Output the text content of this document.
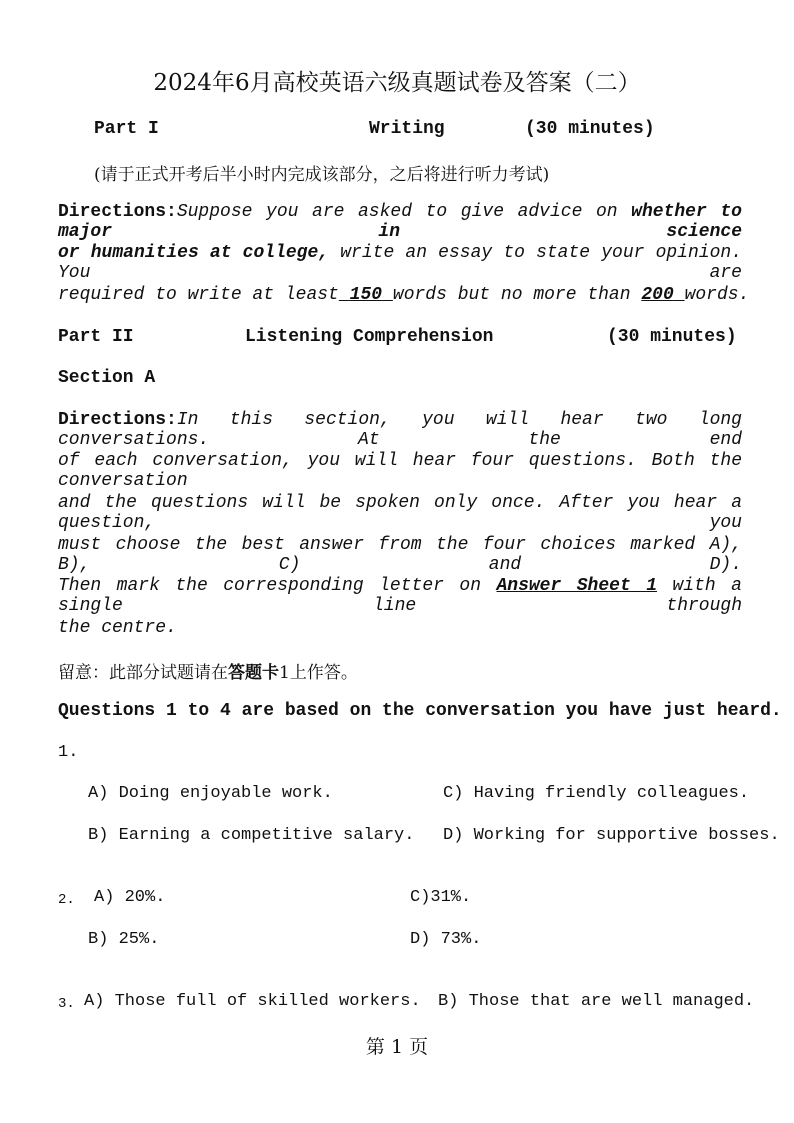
2024年6月高校英语六级真题试卷及答案（二）
Part I	Writing	(30 minutes)
(请于正式开考后半小时内完成该部分，之后将进行听力考试)
Directions:Suppose you are asked to give advice on whether to major in science
or humanities at college, write an essay to state your opinion. You are
required to write at least 150 words but no more than 200 words.
Part II	Listening Comprehension	(30 minutes)
Section A
Directions:In this section, you will hear two long conversations. At the end
of each conversation, you will hear four questions. Both the conversation
and the questions will be spoken only once. After you hear a question, you
must choose the best answer from the four choices marked A), B), C) and D).
Then mark the corresponding letter on Answer Sheet 1 with a single line through
the centre.
留意：此部分试题请在答题卡1上作答。
Questions 1 to 4 are based on the conversation you have just heard.
1.
A) Doing enjoyable work.	C) Having friendly colleagues.
B) Earning a competitive salary. D) Working for supportive bosses.
2. A) 20%.	C)31%.
B) 25%.	D) 73%.
3. A) Those full of skilled workers. B) Those that are well managed.
第 1 页
